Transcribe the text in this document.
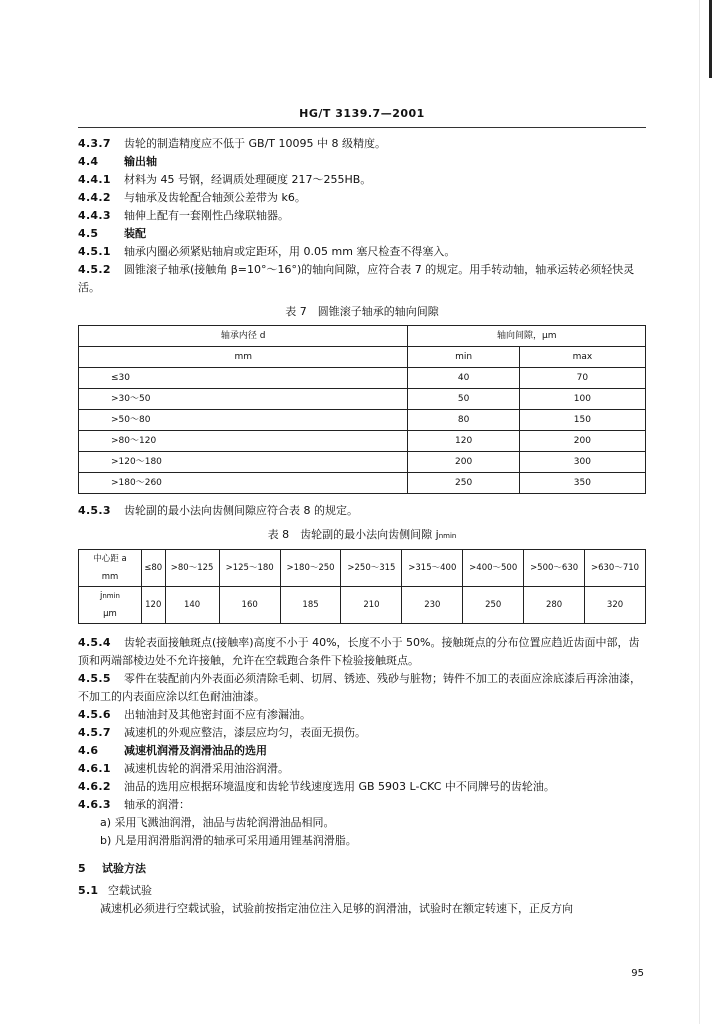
HG/T 3139.7—2001
4.3.7 齿轮的制造精度应不低于 GB/T 10095 中 8 级精度。
4.4 输出轴
4.4.1 材料为 45 号钢，经调质处理硬度 217～255HB。
4.4.2 与轴承及齿轮配合轴颈公差带为 k6。
4.4.3 轴伸上配有一套刚性凸缘联轴器。
4.5 装配
4.5.1 轴承内圈必须紧贴轴肩或定距环，用 0.05 mm 塞尺检查不得塞入。
4.5.2 圆锥滚子轴承(接触角 β=10°～16°)的轴向间隙，应符合表 7 的规定。用手转动轴，轴承运转必须轻快灵活。
表 7　圆锥滚子轴承的轴向间隙
轴承内径 d	轴向间隙，μm	
mm	min	max
≤30	40	70
>30～50	50	100
>50～80	80	150
>80～120	120	200
>120～180	200	300
>180～260	250	350
4.5.3 齿轮副的最小法向齿侧间隙应符合表 8 的规定。
表 8　齿轮副的最小法向齿侧间隙 jnmin
中心距 a
mm	≤80	>80～125	>125～180	>180～250	>250～315	>315～400	>400～500	>500～630	>630～710
jnmin
μm	120	140	160	185	210	230	250	280	320
4.5.4 齿轮表面接触斑点(接触率)高度不小于 40%，长度不小于 50%。接触斑点的分布位置应趋近齿面中部，齿顶和两端部棱边处不允许接触，允许在空载跑合条件下检验接触斑点。
4.5.5 零件在装配前内外表面必须清除毛刺、切屑、锈迹、残砂与脏物；铸件不加工的表面应涂底漆后再涂油漆，不加工的内表面应涂以红色耐油油漆。
4.5.6 出轴油封及其他密封面不应有渗漏油。
4.5.7 减速机的外观应整洁，漆层应均匀，表面无损伤。
4.6 减速机润滑及润滑油品的选用
4.6.1 减速机齿轮的润滑采用油浴润滑。
4.6.2 油品的选用应根据环境温度和齿轮节线速度选用 GB 5903 L-CKC 中不同牌号的齿轮油。
4.6.3 轴承的润滑：
a) 采用飞溅油润滑，油品与齿轮润滑油品相同。
b) 凡是用润滑脂润滑的轴承可采用通用锂基润滑脂。
5 试验方法
5.1 空载试验
减速机必须进行空载试验，试验前按指定油位注入足够的润滑油，试验时在额定转速下，正反方向
95
